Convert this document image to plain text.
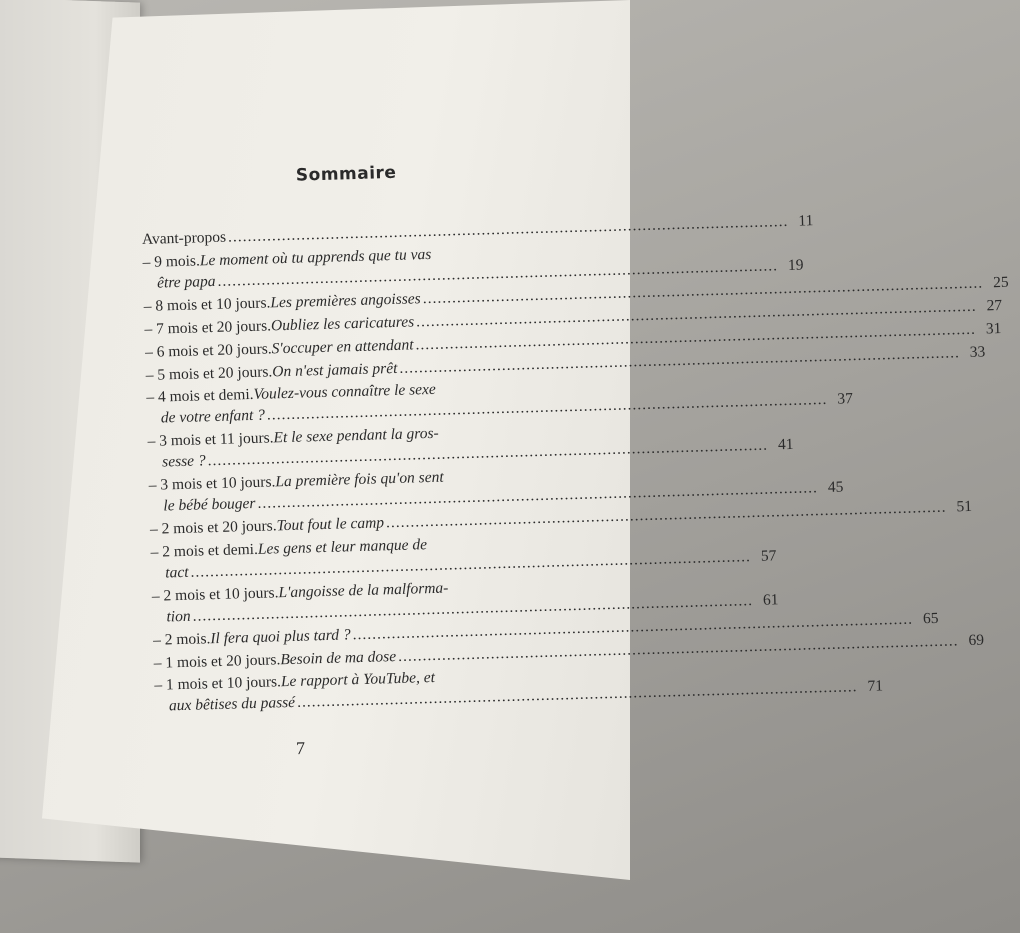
Sommaire
Avant-propos
.....
11
– 9 mois. Le moment où tu apprends que tu vas
être papa
.....
19
– 8 mois et 10 jours. Les premières angoisses
.....
25
– 7 mois et 20 jours. Oubliez les caricatures
.....
27
– 6 mois et 20 jours. S'occuper en attendant
.....
31
– 5 mois et 20 jours. On n'est jamais prêt
.....
33
– 4 mois et demi. Voulez-vous connaître le sexe
de votre enfant ?
.....
37
– 3 mois et 11 jours. Et le sexe pendant la gros-
sesse ?
.....
41
– 3 mois et 10 jours. La première fois qu'on sent
le bébé bouger
.....
45
– 2 mois et 20 jours. Tout fout le camp
.....
51
– 2 mois et demi. Les gens et leur manque de
tact
.....
57
– 2 mois et 10 jours. L'angoisse de la malforma-
tion
.....
61
– 2 mois. Il fera quoi plus tard ?
.....
65
– 1 mois et 20 jours. Besoin de ma dose
.....
69
– 1 mois et 10 jours. Le rapport à YouTube, et
aux bêtises du passé
.....
71
7
